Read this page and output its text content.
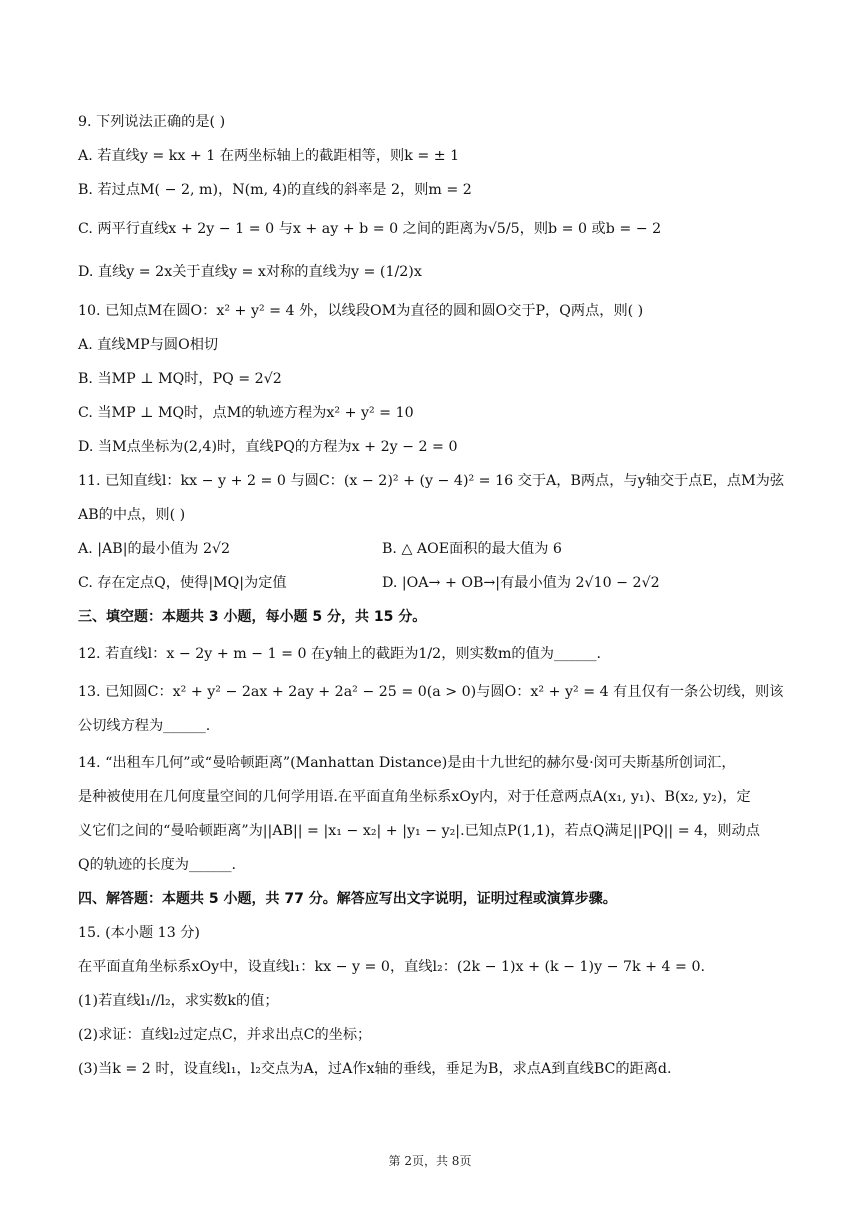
9. 下列说法正确的是( )
A. 若直线y = kx + 1 在两坐标轴上的截距相等，则k = ± 1
B. 若过点M( − 2, m)，N(m, 4)的直线的斜率是 2，则m = 2
C. 两平行直线x + 2y − 1 = 0 与x + ay + b = 0 之间的距离为√5/5，则b = 0 或b = − 2
D. 直线y = 2x关于直线y = x对称的直线为y = (1/2)x
10. 已知点M在圆O：x² + y² = 4 外，以线段OM为直径的圆和圆O交于P，Q两点，则( )
A. 直线MP与圆O相切
B. 当MP ⊥ MQ时，PQ = 2√2
C. 当MP ⊥ MQ时，点M的轨迹方程为x² + y² = 10
D. 当M点坐标为(2,4)时，直线PQ的方程为x + 2y − 2 = 0
11. 已知直线l：kx − y + 2 = 0 与圆C：(x − 2)² + (y − 4)² = 16 交于A，B两点，与y轴交于点E，点M为弦
AB的中点，则( )
A. |AB|的最小值为 2√2	B. △ AOE面积的最大值为 6
C. 存在定点Q，使得|MQ|为定值	D. |OA→ + OB→|有最小值为 2√10 − 2√2
三、填空题：本题共 3 小题，每小题 5 分，共 15 分。
12. 若直线l：x − 2y + m − 1 = 0 在y轴上的截距为1/2，则实数m的值为______.
13. 已知圆C：x² + y² − 2ax + 2ay + 2a² − 25 = 0(a > 0)与圆O：x² + y² = 4 有且仅有一条公切线，则该
公切线方程为______.
14. “出租车几何”或“曼哈顿距离”(Manhattan Distance)是由十九世纪的赫尔曼·闵可夫斯基所创词汇，
是种被使用在几何度量空间的几何学用语.在平面直角坐标系xOy内，对于任意两点A(x₁, y₁)、B(x₂, y₂)，定
义它们之间的“曼哈顿距离”为||AB|| = |x₁ − x₂| + |y₁ − y₂|.已知点P(1,1)，若点Q满足||PQ|| = 4，则动点
Q的轨迹的长度为______.
四、解答题：本题共 5 小题，共 77 分。解答应写出文字说明，证明过程或演算步骤。
15. (本小题 13 分)
在平面直角坐标系xOy中，设直线l₁：kx − y = 0，直线l₂：(2k − 1)x + (k − 1)y − 7k + 4 = 0.
(1)若直线l₁//l₂，求实数k的值；
(2)求证：直线l₂过定点C，并求出点C的坐标；
(3)当k = 2 时，设直线l₁，l₂交点为A，过A作x轴的垂线，垂足为B，求点A到直线BC的距离d.
第 2页，共 8页
